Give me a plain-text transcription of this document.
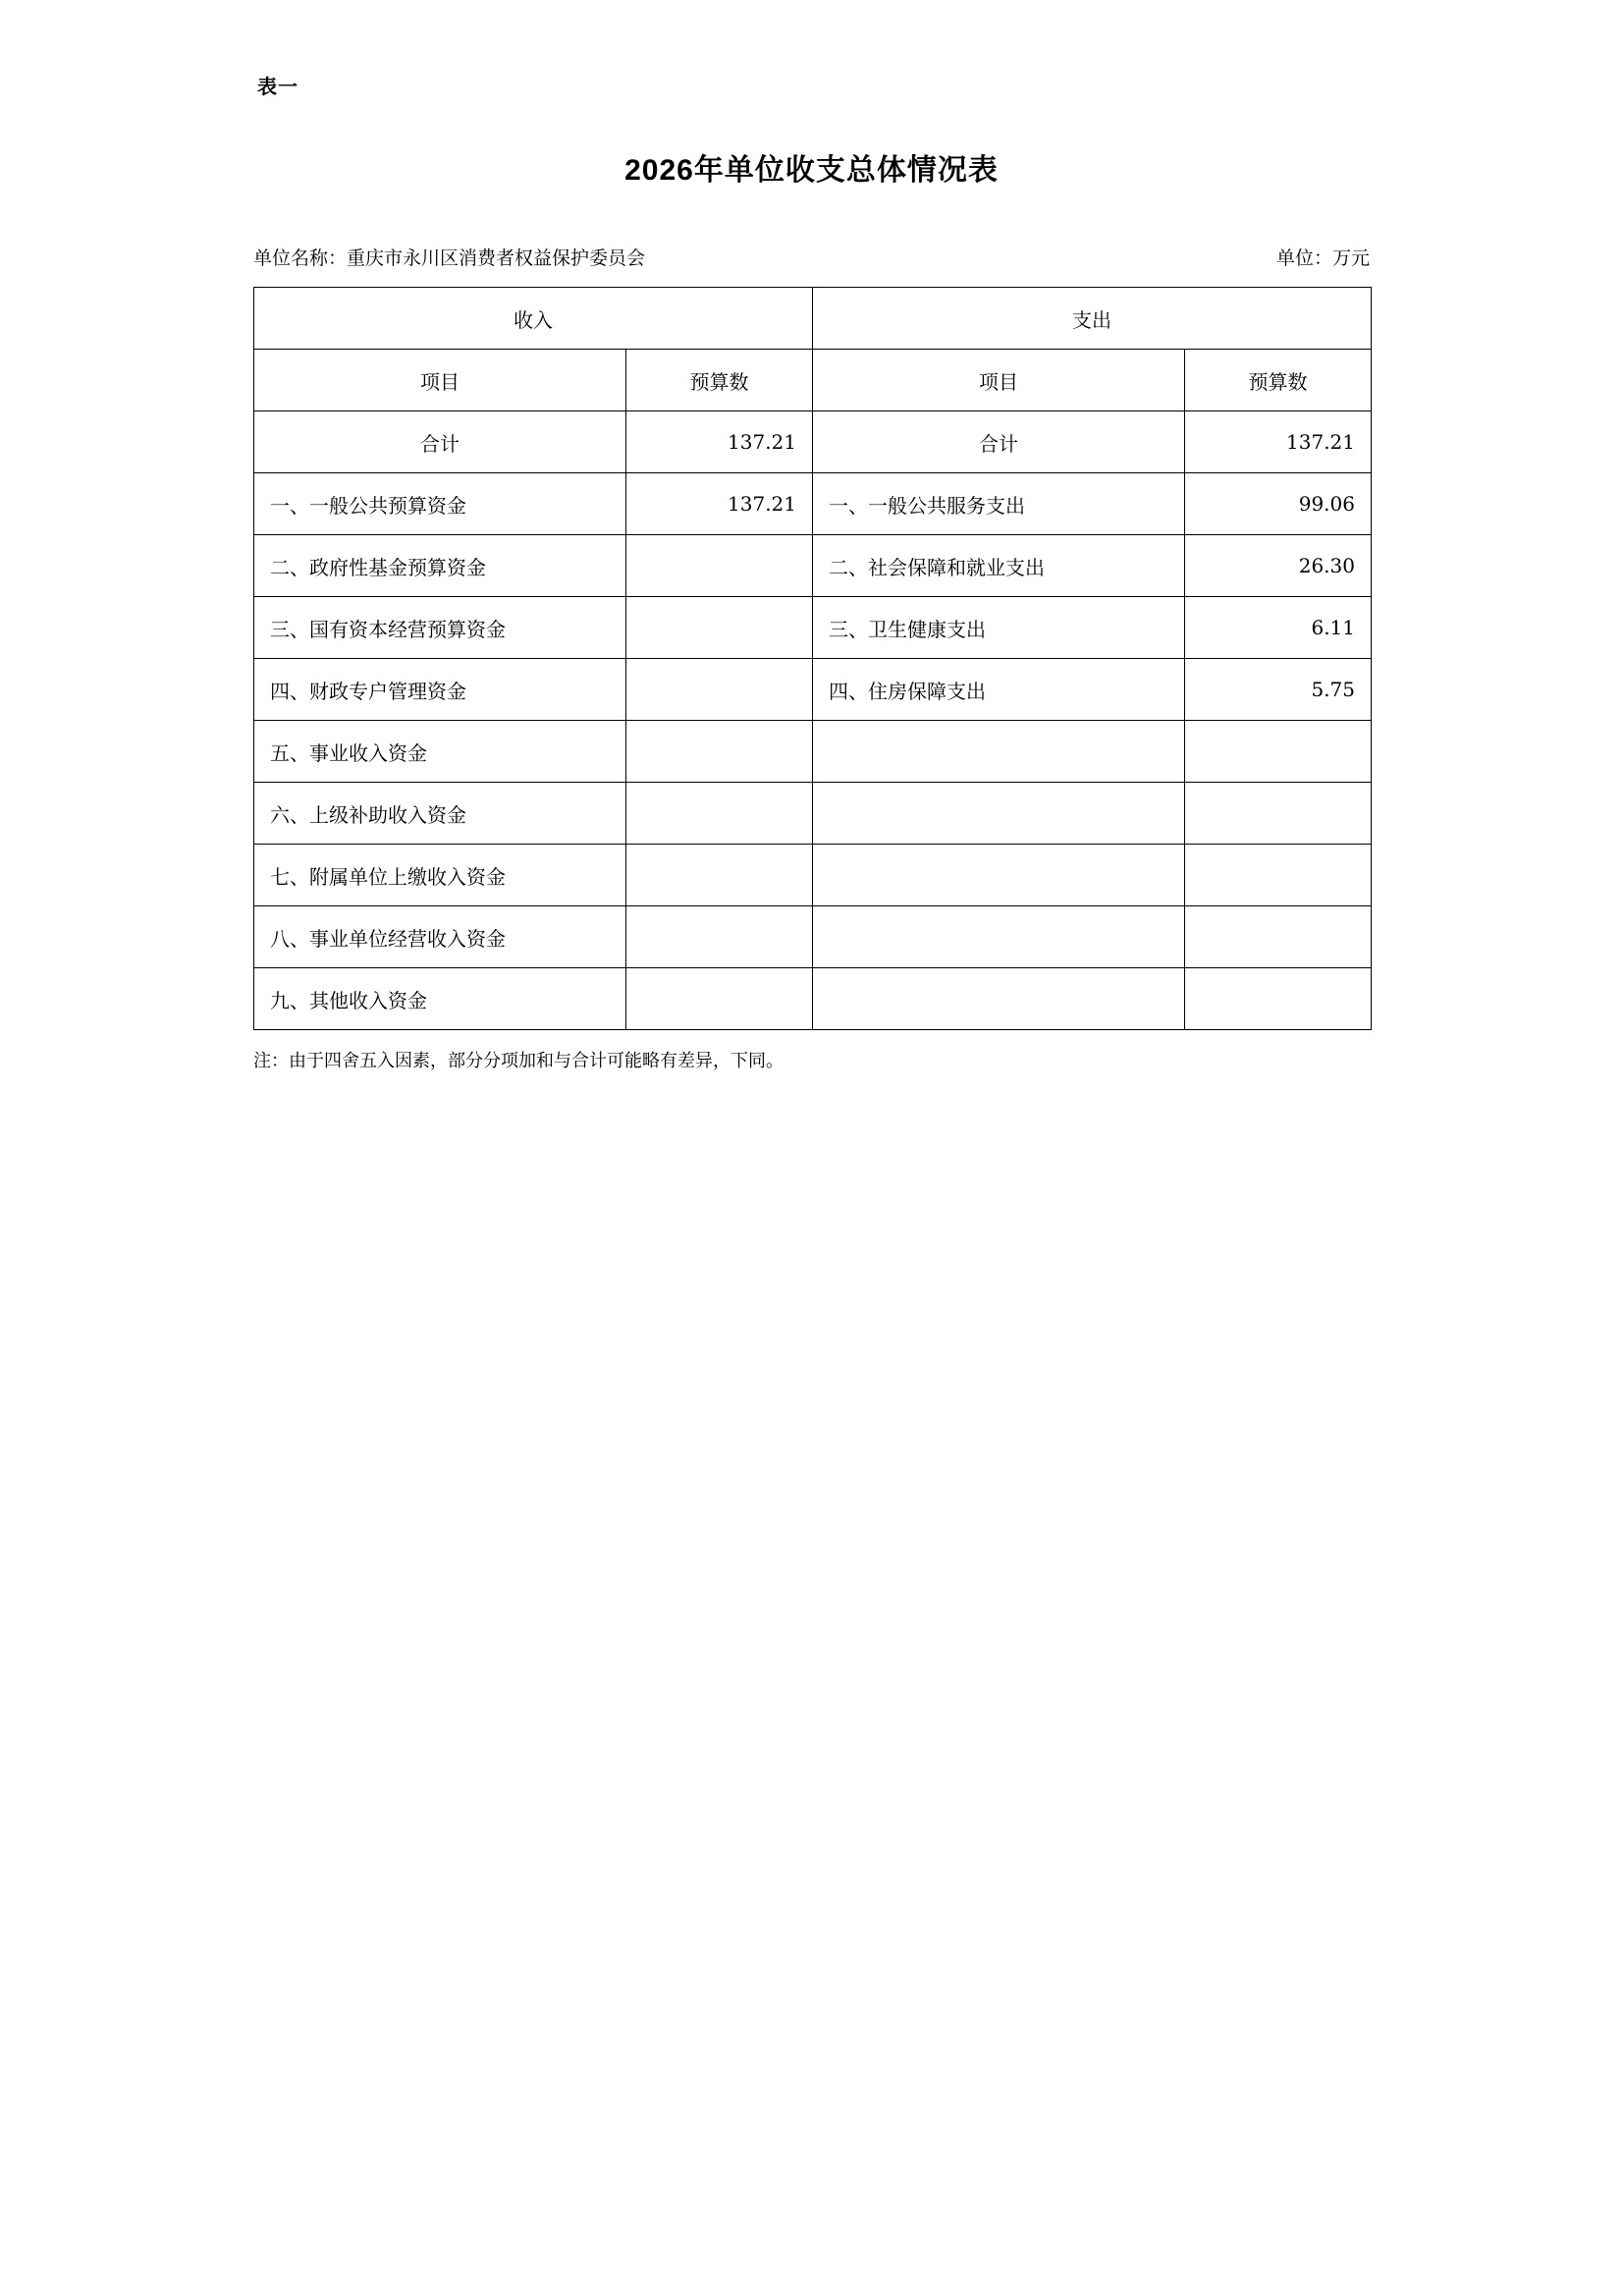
表一
2026年单位收支总体情况表
单位名称：重庆市永川区消费者权益保护委员会	单位：万元
收入		支出	
项目	预算数	项目	预算数
合计	137.21	合计	137.21
一、一般公共预算资金	137.21	一、一般公共服务支出	99.06
二、政府性基金预算资金		二、社会保障和就业支出	26.30
三、国有资本经营预算资金		三、卫生健康支出	6.11
四、财政专户管理资金		四、住房保障支出	5.75
五、事业收入资金			
六、上级补助收入资金			
七、附属单位上缴收入资金			
八、事业单位经营收入资金			
九、其他收入资金			
注：由于四舍五入因素，部分分项加和与合计可能略有差异，下同。
